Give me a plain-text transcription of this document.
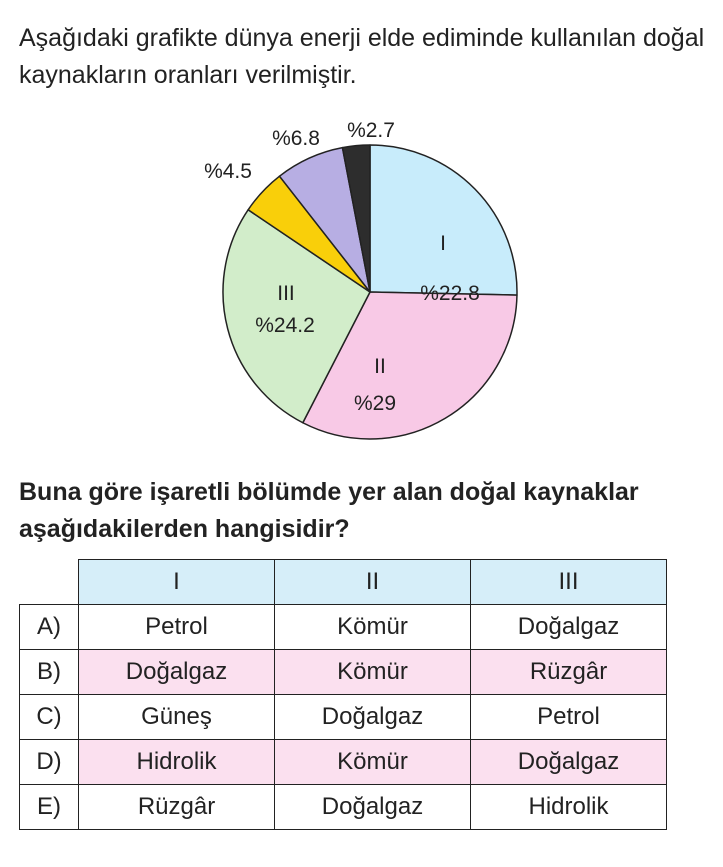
Aşağıdaki grafikte dünya enerji elde ediminde kullanılan doğal kaynakların oranları verilmiştir.

I
%22.8
II
%29
III
%24.2
%4.5
%6.8 %2.7

Buna göre işaretli bölümde yer alan doğal kaynaklar aşağıdakilerden hangisidir?

	I	II	III
A)	Petrol	Kömür	Doğalgaz
B)	Doğalgaz	Kömür	Rüzgâr
C)	Güneş	Doğalgaz	Petrol
D)	Hidrolik	Kömür	Doğalgaz
E)	Rüzgâr	Doğalgaz	Hidrolik
